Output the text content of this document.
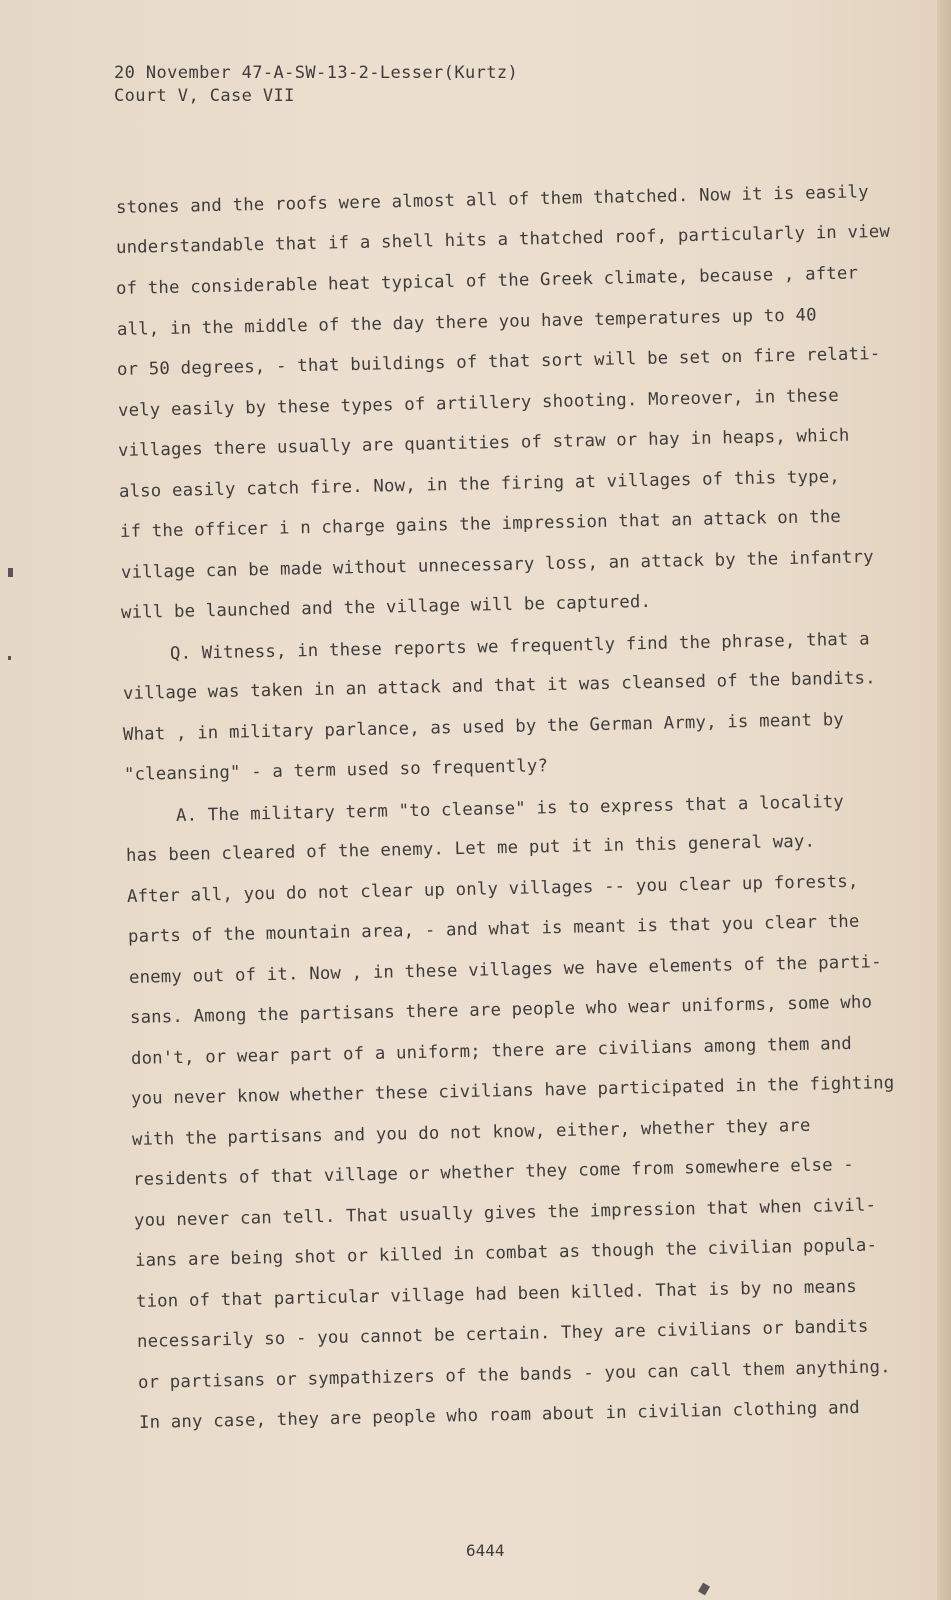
20 November 47-A-SW-13-2-Lesser(Kurtz)
Court V, Case VII
stones and the roofs were almost all of them thatched. Now it is easily
understandable that if a shell hits a thatched roof, particularly in view
of the considerable heat typical of the Greek climate, because , after
all, in the middle of the day there you have temperatures up to 40
or 50 degrees, - that buildings of that sort will be set on fire relati-
vely easily by these types of artillery shooting. Moreover, in these
villages there usually are quantities of straw or hay in heaps, which
also easily catch fire. Now, in the firing at villages of this type,
if the officer i n charge gains the impression that an attack on the
village can be made without unnecessary loss, an attack by the infantry
will be launched and the village will be captured.
Q. Witness, in these reports we frequently find the phrase, that a
village was taken in an attack and that it was cleansed of the bandits.
What , in military parlance, as used by the German Army, is meant by
"cleansing" - a term used so frequently?
A. The military term "to cleanse" is to express that a locality
has been cleared of the enemy. Let me put it in this general way.
After all, you do not clear up only villages -- you clear up forests,
parts of the mountain area, - and what is meant is that you clear the
enemy out of it. Now , in these villages we have elements of the parti-
sans. Among the partisans there are people who wear uniforms, some who
don't, or wear part of a uniform; there are civilians among them and
you never know whether these civilians have participated in the fighting
with the partisans and you do not know, either, whether they are
residents of that village or whether they come from somewhere else -
you never can tell. That usually gives the impression that when civil-
ians are being shot or killed in combat as though the civilian popula-
tion of that particular village had been killed. That is by no means
necessarily so - you cannot be certain. They are civilians or bandits
or partisans or sympathizers of the bands - you can call them anything.
In any case, they are people who roam about in civilian clothing and
6444
